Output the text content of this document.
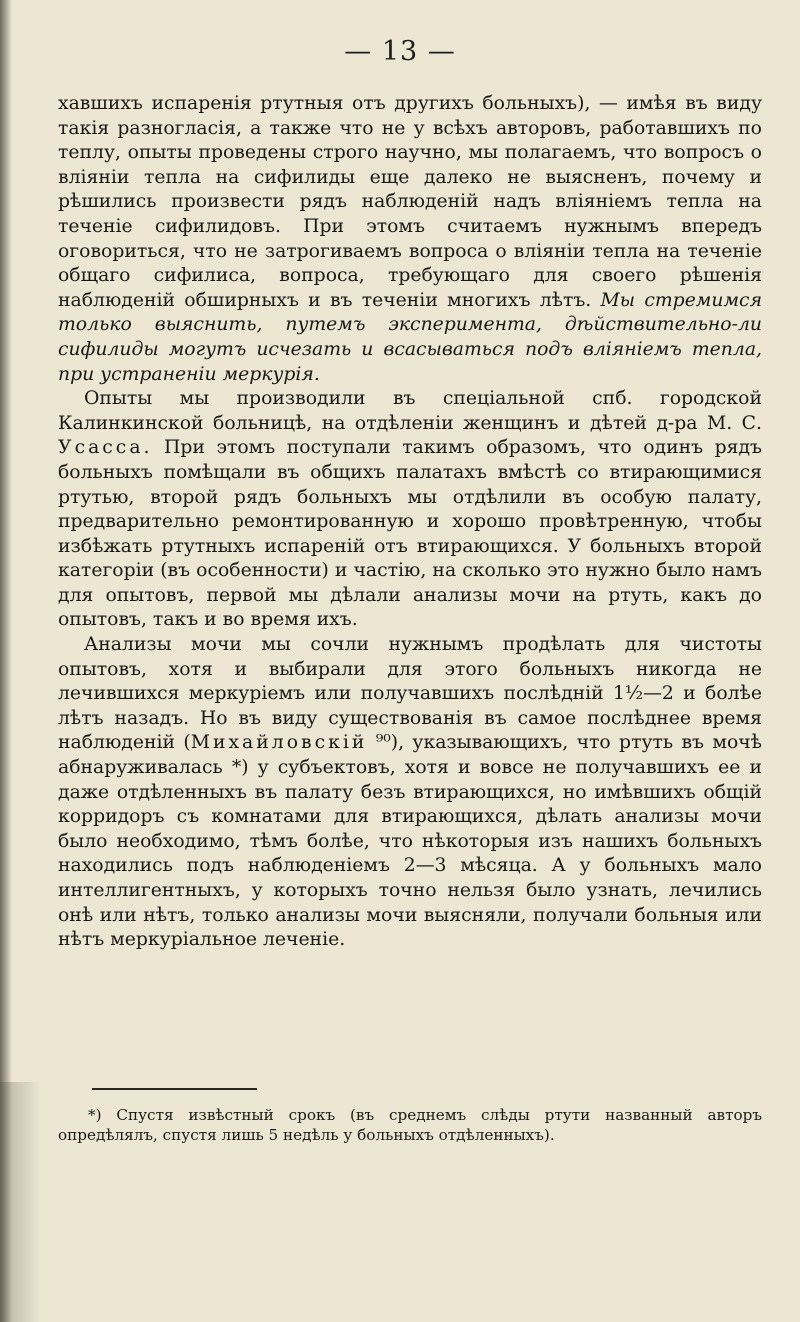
— 13 —

хавшихъ испаренія ртутныя отъ другихъ больныхъ), — имѣя въ виду такія разногласія, а также что не у всѣхъ авторовъ, работавшихъ по теплу, опыты проведены строго научно, мы полагаемъ, что вопросъ о вліяніи тепла на сифилиды еще далеко не выясненъ, почему и рѣшились произвести рядъ наблюденій надъ вліяніемъ тепла на теченіе сифилидовъ. При этомъ считаемъ нужнымъ впередъ оговориться, что не затрогиваемъ вопроса о вліяніи тепла на теченіе общаго сифилиса, вопроса, требующаго для своего рѣшенія наблюденій обширныхъ и въ теченіи многихъ лѣтъ. Мы стремимся только выяснить, путемъ эксперимента, дѣйствительно-ли сифилиды могутъ исчезать и всасываться подъ вліяніемъ тепла, при устраненіи меркурія.

Опыты мы производили въ спеціальной спб. городской Калинкинской больницѣ, на отдѣленіи женщинъ и дѣтей д-ра М. С. Усасса. При этомъ поступали такимъ образомъ, что одинъ рядъ больныхъ помѣщали въ общихъ палатахъ вмѣстѣ со втирающимися ртутью, второй рядъ больныхъ мы отдѣлили въ особую палату, предварительно ремонтированную и хорошо провѣтренную, чтобы избѣжать ртутныхъ испареній отъ втирающихся. У больныхъ второй категоріи (въ особенности) и частію, на сколько это нужно было намъ для опытовъ, первой мы дѣлали анализы мочи на ртуть, какъ до опытовъ, такъ и во время ихъ.

Анализы мочи мы сочли нужнымъ продѣлать для чистоты опытовъ, хотя и выбирали для этого больныхъ никогда не лечившихся меркуріемъ или получавшихъ послѣдній 1½—2 и болѣе лѣтъ назадъ. Но въ виду существованія въ самое послѣднее время наблюденій (Михайловскій ⁹⁰), указывающихъ, что ртуть въ мочѣ абнаруживалась *) у субъектовъ, хотя и вовсе не получавшихъ ее и даже отдѣленныхъ въ палату безъ втирающихся, но имѣвшихъ общій корридоръ съ комнатами для втирающихся, дѣлать анализы мочи было необходимо, тѣмъ болѣе, что нѣкоторыя изъ нашихъ больныхъ находились подъ наблюденіемъ 2—3 мѣсяца. А у больныхъ мало интеллигентныхъ, у которыхъ точно нельзя было узнать, лечились онѣ или нѣтъ, только анализы мочи выясняли, получали больныя или нѣтъ меркуріальное леченіе.

*) Спустя извѣстный срокъ (въ среднемъ слѣды ртути названный авторъ опредѣлялъ, спустя лишь 5 недѣль у больныхъ отдѣленныхъ).
